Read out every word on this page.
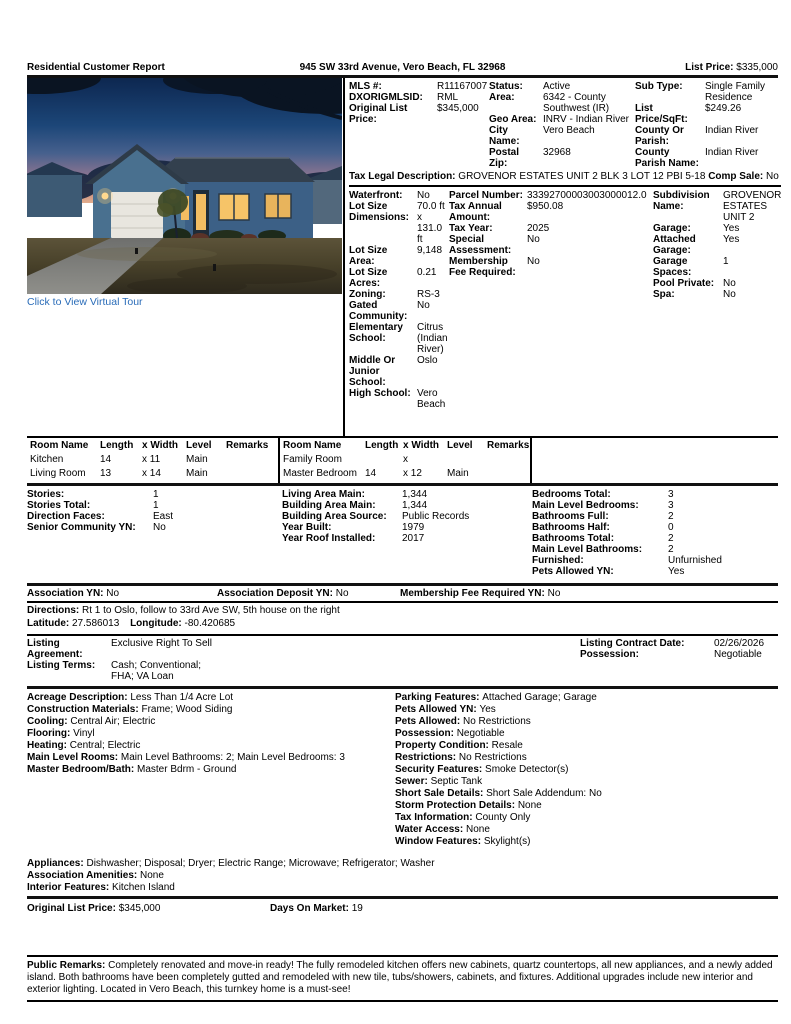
Residential Customer Report	945 SW 33rd Avenue, Vero Beach, FL 32968	List Price: $335,000
Click to View Virtual Tour
MLS #:	R11167007
DXORIGMLSID:	RML
Original List Price:
$345,000
Status:	Active
Area:	6342 - County Southwest (IR)
Geo Area: INRV - Indian River
City Name:
Vero Beach
Postal Zip:
32968
Sub Type:	Single Family Residence
List Price/SqFt:
$249.26
County Or Parish:
Indian River
County Parish Name:
Indian River
Tax Legal Description: GROVENOR ESTATES UNIT 2 BLK 3 LOT 12 PBI 5-18 Comp Sale: No
Waterfront:	No
Lot Size Dimensions:
70.0 ft x 131.0 ft
Lot Size Area:
9,148
Lot Size Acres:
0.21
Zoning:	RS-3
Gated Community:
No
Elementary School:
Citrus (Indian River)
Middle Or Junior School:
Oslo
High School: Vero Beach
Parcel Number: 33392700003003000012.0
Tax Annual Amount:
$950.08
Tax Year:	2025
Special Assessment:
No
Membership Fee Required:
No
Subdivision Name:
GROVENOR ESTATES UNIT 2
Garage:	Yes
Attached Garage:
Yes
Garage Spaces:
1
Pool Private: No
Spa:	No
Room Name	Length x Width Level	Remarks
Kitchen	14	x 11	Main
Living Room	13	x 14	Main
Room Name	Length x Width Level	Remarks
Family Room	x
Master Bedroom 14	x 12	Main
Stories:	1
Stories Total:	1
Direction Faces:	East
Senior Community YN:	No
Living Area Main:	1,344
Building Area Main:	1,344
Building Area Source:	Public Records
Year Built:	1979
Year Roof Installed:	2017
Bedrooms Total:	3
Main Level Bedrooms:	3
Bathrooms Full:	2
Bathrooms Half:	0
Bathrooms Total:	2
Main Level Bathrooms:	2
Furnished:	Unfurnished
Pets Allowed YN:	Yes
Association YN: No	Association Deposit YN: No	Membership Fee Required YN: No
Directions: Rt 1 to Oslo, follow to 33rd Ave SW, 5th house on the right
Latitude: 27.586013 Longitude: -80.420685
Listing Agreement:
Exclusive Right To Sell
Listing Terms:	Cash; Conventional; FHA; VA Loan
Listing Contract Date:	02/26/2026
Possession:	Negotiable
Acreage Description: Less Than 1/4 Acre Lot
Construction Materials: Frame; Wood Siding
Cooling: Central Air; Electric
Flooring: Vinyl
Heating: Central; Electric
Main Level Rooms: Main Level Bathrooms: 2; Main Level Bedrooms: 3
Master Bedroom/Bath: Master Bdrm - Ground
Parking Features: Attached Garage; Garage
Pets Allowed YN: Yes
Pets Allowed: No Restrictions
Possession: Negotiable
Property Condition: Resale
Restrictions: No Restrictions
Security Features: Smoke Detector(s)
Sewer: Septic Tank
Short Sale Details: Short Sale Addendum: No
Storm Protection Details: None
Tax Information: County Only
Water Access: None
Window Features: Skylight(s)
Appliances: Dishwasher; Disposal; Dryer; Electric Range; Microwave; Refrigerator; Washer
Association Amenities: None
Interior Features: Kitchen Island
Original List Price: $345,000	Days On Market: 19
Public Remarks: Completely renovated and move-in ready! The fully remodeled kitchen offers new cabinets, quartz countertops, all new appliances, and a newly added island. Both bathrooms have been completely gutted and remodeled with new tile, tubs/showers, cabinets, and fixtures. Additional upgrades include new interior and exterior lighting. Located in Vero Beach, this turnkey home is a must-see!
